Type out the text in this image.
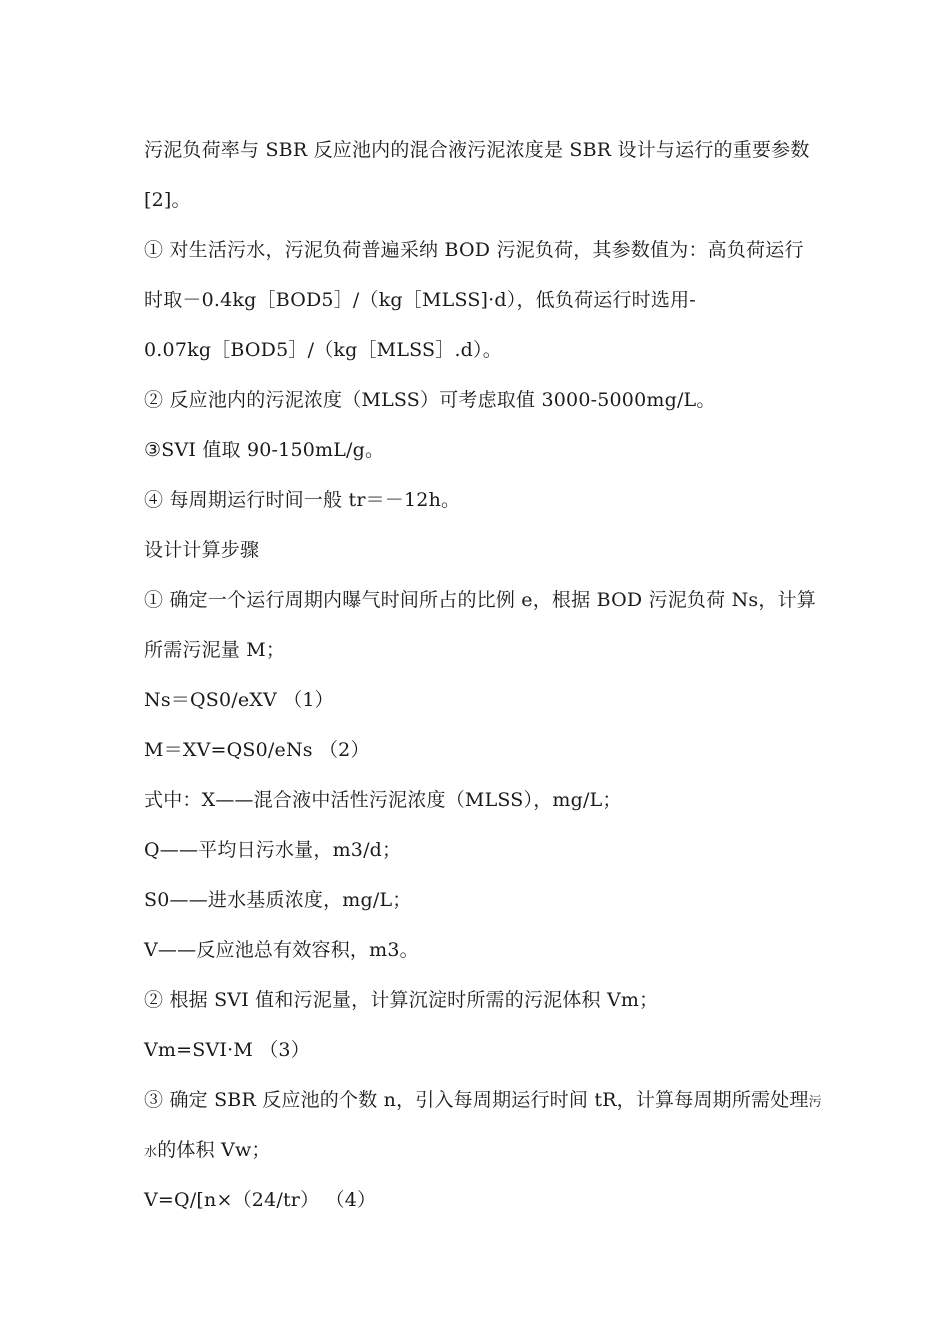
污泥负荷率与 SBR 反应池内的混合液污泥浓度是 SBR 设计与运行的重要参数
[2]。
① 对生活污水，污泥负荷普遍采纳 BOD 污泥负荷，其参数值为：高负荷运行
时取－0.4kg［BOD5］/（kg［MLSS]·d），低负荷运行时选用-
0.07kg［BOD5］/（kg［MLSS］.d）。
② 反应池内的污泥浓度（MLSS）可考虑取值 3000-5000mg/L。
③SVI 值取 90-150mL/g。
④ 每周期运行时间一般 tr＝－12h。
设计计算步骤
① 确定一个运行周期内曝气时间所占的比例 e，根据 BOD 污泥负荷 Ns，计算
所需污泥量 M；
Ns＝QS0/eXV （1）
M＝XV=QS0/eNs （2）
式中：X——混合液中活性污泥浓度（MLSS），mg/L；
Q——平均日污水量，m3/d；
S0——进水基质浓度，mg/L；
V——反应池总有效容积，m3。
② 根据 SVI 值和污泥量，计算沉淀时所需的污泥体积 Vm；
Vm=SVI·M （3）
③ 确定 SBR 反应池的个数 n，引入每周期运行时间 tR，计算每周期所需处理污
水的体积 Vw；
V=Q/[n×（24/tr） （4）
